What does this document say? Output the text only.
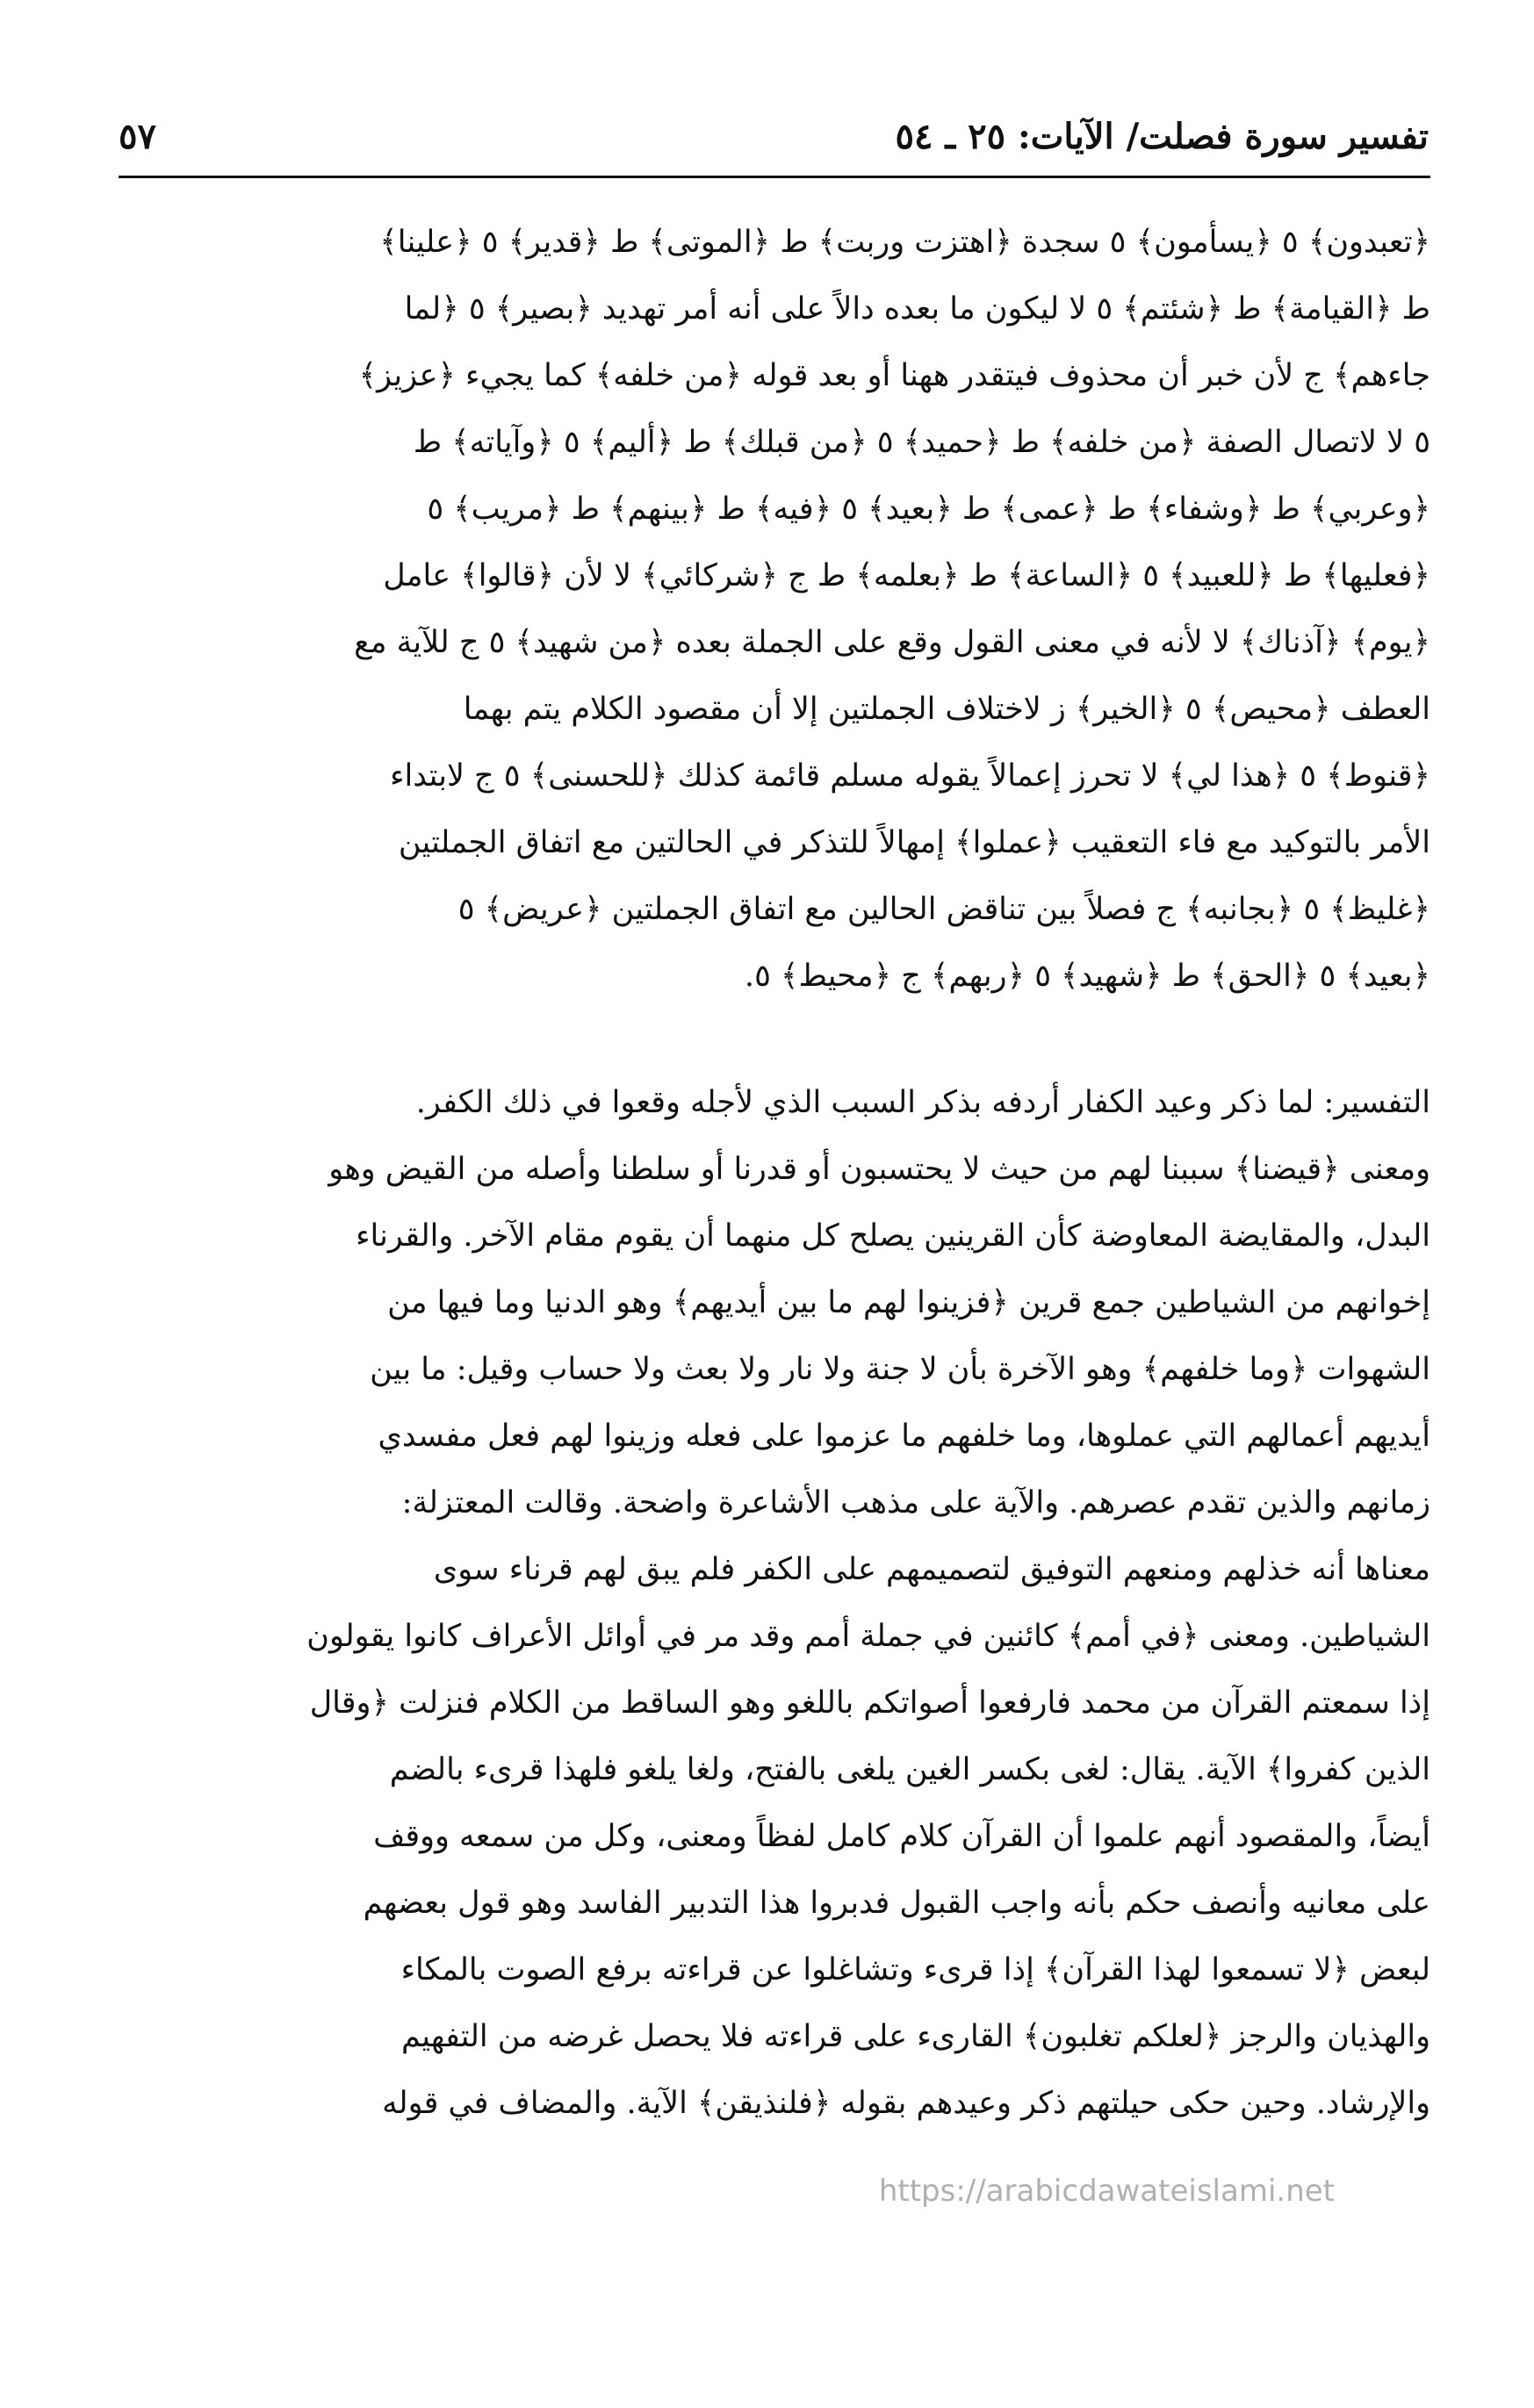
تفسير سورة فصلت/ الآيات: ٢٥ ـ ٥٤
٥٧
﴿تعبدون﴾ ٥ ﴿يسأمون﴾ ٥ سجدة ﴿اهتزت وربت﴾ ط ﴿الموتى﴾ ط ﴿قدير﴾ ٥ ﴿علينا﴾
ط ﴿القيامة﴾ ط ﴿شئتم﴾ ٥ لا ليكون ما بعده دالاً على أنه أمر تهديد ﴿بصير﴾ ٥ ﴿لما
جاءهم﴾ ج لأن خبر أن محذوف فيتقدر ههنا أو بعد قوله ﴿من خلفه﴾ كما يجيء ﴿عزيز﴾
٥ لا لاتصال الصفة ﴿من خلفه﴾ ط ﴿حميد﴾ ٥ ﴿من قبلك﴾ ط ﴿أليم﴾ ٥ ﴿وآياته﴾ ط
﴿وعربي﴾ ط ﴿وشفاء﴾ ط ﴿عمى﴾ ط ﴿بعيد﴾ ٥ ﴿فيه﴾ ط ﴿بينهم﴾ ط ﴿مريب﴾ ٥
﴿فعليها﴾ ط ﴿للعبيد﴾ ٥ ﴿الساعة﴾ ط ﴿بعلمه﴾ ط ج ﴿شركائي﴾ لا لأن ﴿قالوا﴾ عامل
﴿يوم﴾ ﴿آذناك﴾ لا لأنه في معنى القول وقع على الجملة بعده ﴿من شهيد﴾ ٥ ج للآية مع
العطف ﴿محيص﴾ ٥ ﴿الخير﴾ ز لاختلاف الجملتين إلا أن مقصود الكلام يتم بهما
﴿قنوط﴾ ٥ ﴿هذا لي﴾ لا تحرز إعمالاً يقوله مسلم قائمة كذلك ﴿للحسنى﴾ ٥ ج لابتداء
الأمر بالتوكيد مع فاء التعقيب ﴿عملوا﴾ إمهالاً للتذكر في الحالتين مع اتفاق الجملتين
﴿غليظ﴾ ٥ ﴿بجانبه﴾ ج فصلاً بين تناقض الحالين مع اتفاق الجملتين ﴿عريض﴾ ٥
﴿بعيد﴾ ٥ ﴿الحق﴾ ط ﴿شهيد﴾ ٥ ﴿ربهم﴾ ج ﴿محيط﴾ ٥.
التفسير: لما ذكر وعيد الكفار أردفه بذكر السبب الذي لأجله وقعوا في ذلك الكفر.
ومعنى ﴿قيضنا﴾ سببنا لهم من حيث لا يحتسبون أو قدرنا أو سلطنا وأصله من القيض وهو
البدل، والمقايضة المعاوضة كأن القرينين يصلح كل منهما أن يقوم مقام الآخر. والقرناء
إخوانهم من الشياطين جمع قرين ﴿فزينوا لهم ما بين أيديهم﴾ وهو الدنيا وما فيها من
الشهوات ﴿وما خلفهم﴾ وهو الآخرة بأن لا جنة ولا نار ولا بعث ولا حساب وقيل: ما بين
أيديهم أعمالهم التي عملوها، وما خلفهم ما عزموا على فعله وزينوا لهم فعل مفسدي
زمانهم والذين تقدم عصرهم. والآية على مذهب الأشاعرة واضحة. وقالت المعتزلة:
معناها أنه خذلهم ومنعهم التوفيق لتصميمهم على الكفر فلم يبق لهم قرناء سوى
الشياطين. ومعنى ﴿في أمم﴾ كائنين في جملة أمم وقد مر في أوائل الأعراف كانوا يقولون
إذا سمعتم القرآن من محمد فارفعوا أصواتكم باللغو وهو الساقط من الكلام فنزلت ﴿وقال
الذين كفروا﴾ الآية. يقال: لغى بكسر الغين يلغى بالفتح، ولغا يلغو فلهذا قرىء بالضم
أيضاً، والمقصود أنهم علموا أن القرآن كلام كامل لفظاً ومعنى، وكل من سمعه ووقف
على معانيه وأنصف حكم بأنه واجب القبول فدبروا هذا التدبير الفاسد وهو قول بعضهم
لبعض ﴿لا تسمعوا لهذا القرآن﴾ إذا قرىء وتشاغلوا عن قراءته برفع الصوت بالمكاء
والهذيان والرجز ﴿لعلكم تغلبون﴾ القارىء على قراءته فلا يحصل غرضه من التفهيم
والإرشاد. وحين حكى حيلتهم ذكر وعيدهم بقوله ﴿فلنذيقن﴾ الآية. والمضاف في قوله
https://arabicdawateislami.net
